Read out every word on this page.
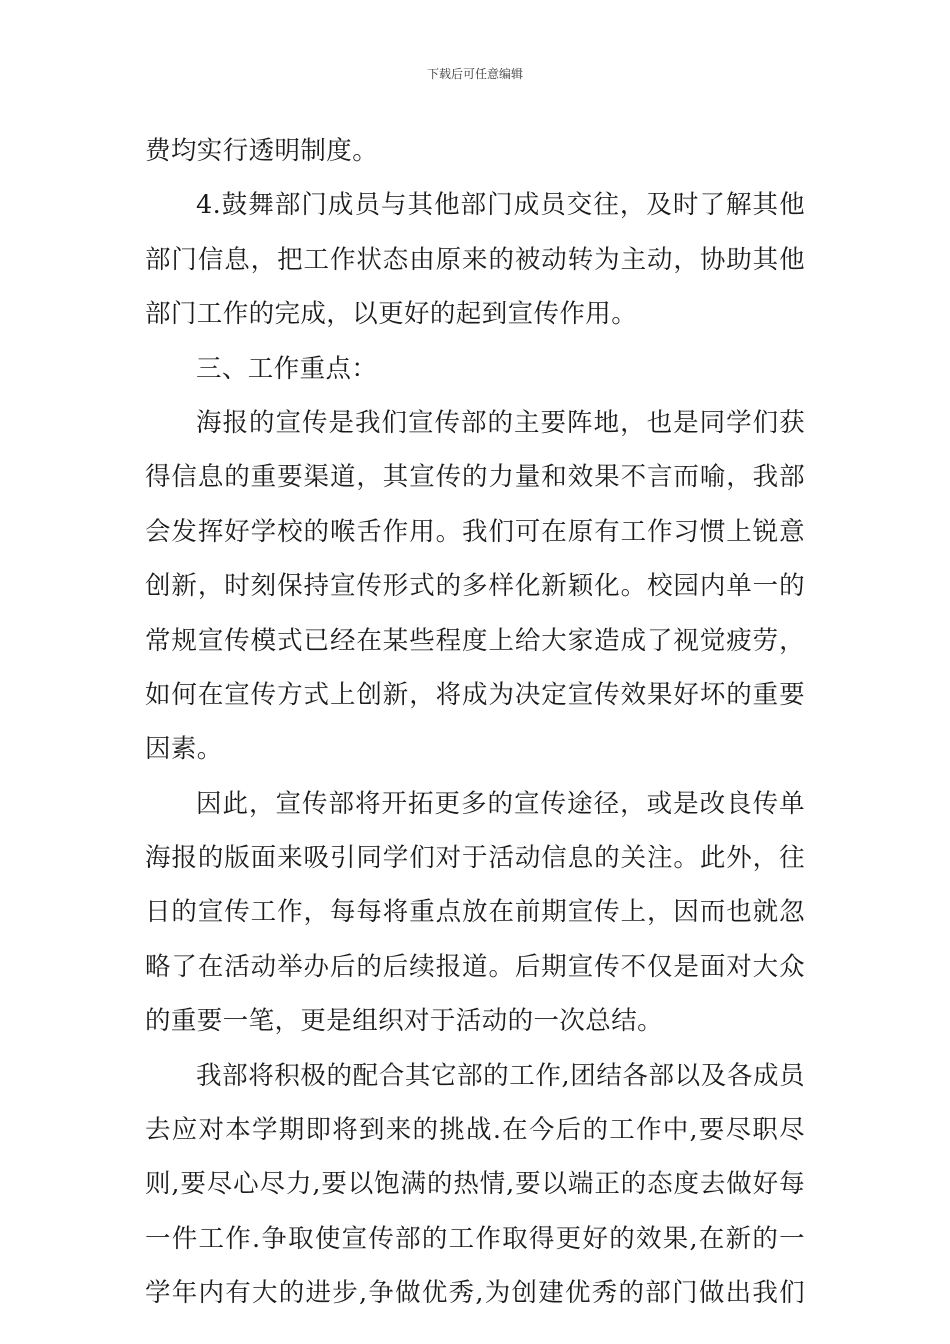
下载后可任意编辑
费均实行透明制度。
4.鼓舞部门成员与其他部门成员交往，及时了解其他
部门信息，把工作状态由原来的被动转为主动，协助其他
部门工作的完成，以更好的起到宣传作用。
三、工作重点：
海报的宣传是我们宣传部的主要阵地，也是同学们获
得信息的重要渠道，其宣传的力量和效果不言而喻，我部
会发挥好学校的喉舌作用。我们可在原有工作习惯上锐意
创新，时刻保持宣传形式的多样化新颖化。校园内单一的
常规宣传模式已经在某些程度上给大家造成了视觉疲劳，
如何在宣传方式上创新，将成为决定宣传效果好坏的重要
因素。
因此，宣传部将开拓更多的宣传途径，或是改良传单
海报的版面来吸引同学们对于活动信息的关注。此外，往
日的宣传工作，每每将重点放在前期宣传上，因而也就忽
略了在活动举办后的后续报道。后期宣传不仅是面对大众
的重要一笔，更是组织对于活动的一次总结。
我部将积极的配合其它部的工作,团结各部以及各成员
去应对本学期即将到来的挑战.在今后的工作中,要尽职尽
则,要尽心尽力,要以饱满的热情,要以端正的态度去做好每
一件工作.争取使宣传部的工作取得更好的效果,在新的一
学年内有大的进步,争做优秀,为创建优秀的部门做出我们
